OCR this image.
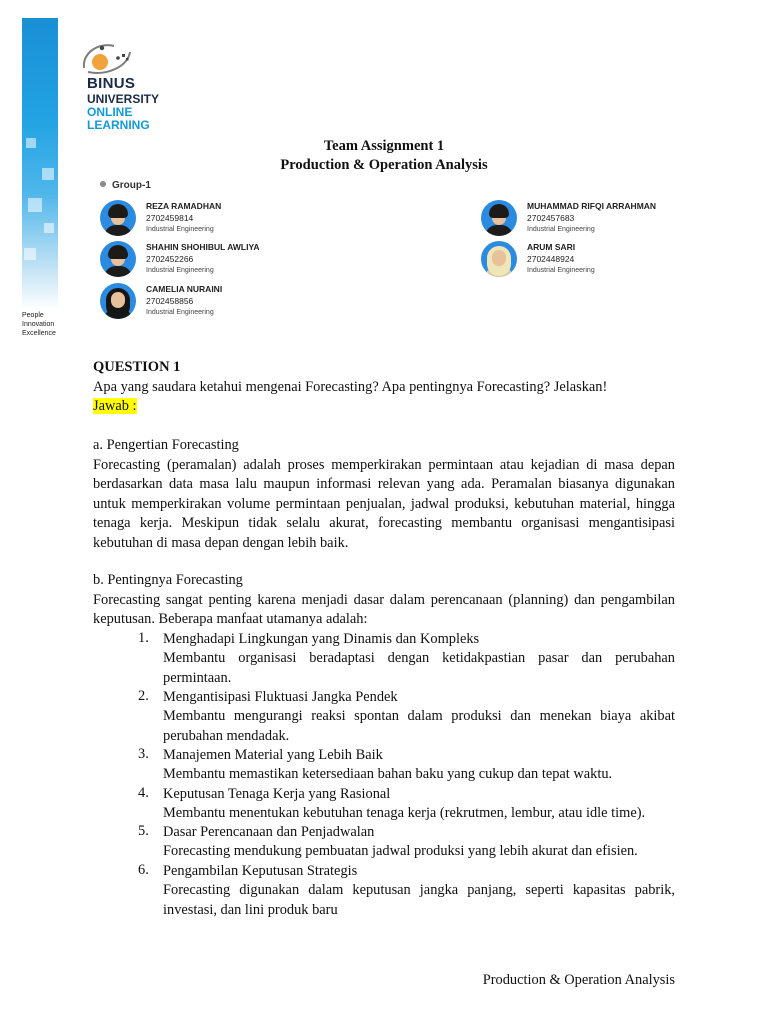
People
Innovation
Excellence
BINUS
UNIVERSITY
ONLINE
LEARNING
Team Assignment 1
Production & Operation Analysis
Group-1
REZA RAMADHAN
2702459814
Industrial Engineering
SHAHIN SHOHIBUL AWLIYA
2702452266
Industrial Engineering
CAMELIA NURAINI
2702458856
Industrial Engineering
MUHAMMAD RIFQI ARRAHMAN
2702457683
Industrial Engineering
ARUM SARI
2702448924
Industrial Engineering
QUESTION 1
Apa yang saudara ketahui mengenai Forecasting? Apa pentingnya Forecasting? Jelaskan!
Jawab :
a. Pengertian Forecasting
Forecasting (peramalan) adalah proses memperkirakan permintaan atau kejadian di masa depan berdasarkan data masa lalu maupun informasi relevan yang ada. Peramalan biasanya digunakan untuk memperkirakan volume permintaan penjualan, jadwal produksi, kebutuhan material, hingga tenaga kerja. Meskipun tidak selalu akurat, forecasting membantu organisasi mengantisipasi kebutuhan di masa depan dengan lebih baik.
b. Pentingnya Forecasting
Forecasting sangat penting karena menjadi dasar dalam perencanaan (planning) dan pengambilan keputusan. Beberapa manfaat utamanya adalah:
1. Menghadapi Lingkungan yang Dinamis dan Kompleks
Membantu organisasi beradaptasi dengan ketidakpastian pasar dan perubahan permintaan.
2. Mengantisipasi Fluktuasi Jangka Pendek
Membantu mengurangi reaksi spontan dalam produksi dan menekan biaya akibat perubahan mendadak.
3. Manajemen Material yang Lebih Baik
Membantu memastikan ketersediaan bahan baku yang cukup dan tepat waktu.
4. Keputusan Tenaga Kerja yang Rasional
Membantu menentukan kebutuhan tenaga kerja (rekrutmen, lembur, atau idle time).
5. Dasar Perencanaan dan Penjadwalan
Forecasting mendukung pembuatan jadwal produksi yang lebih akurat dan efisien.
6. Pengambilan Keputusan Strategis
Forecasting digunakan dalam keputusan jangka panjang, seperti kapasitas pabrik, investasi, dan lini produk baru
Production & Operation Analysis
